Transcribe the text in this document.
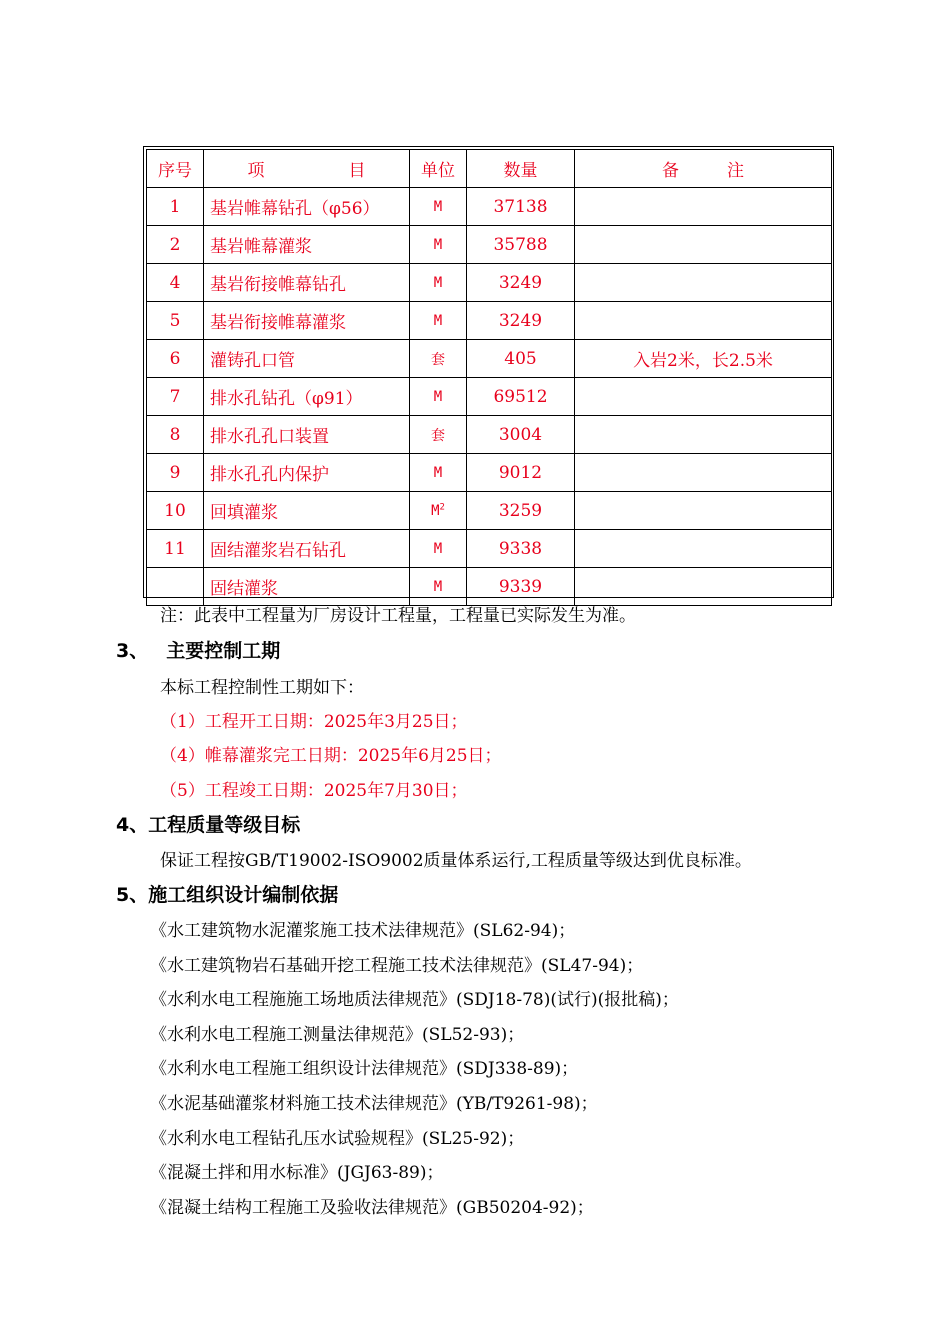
序号	项 目	单位	数量	备 注
1	基岩帷幕钻孔（φ56）	M	37138	
2	基岩帷幕灌浆	M	35788	
4	基岩衔接帷幕钻孔	M	3249	
5	基岩衔接帷幕灌浆	M	3249	
6	灌铸孔口管	套	405	入岩2米，长2.5米
7	排水孔钻孔（φ91）	M	69512	
8	排水孔孔口装置	套	3004	
9	排水孔孔内保护	M	9012	
10	回填灌浆	$M^2$	3259	
11	固结灌浆岩石钻孔	M	9338	
	固结灌浆	M	9339	
注：此表中工程量为厂房设计工程量，工程量已实际发生为准。
3、 主要控制工期
本标工程控制性工期如下：
（1）工程开工日期：2025年3月25日；
（4）帷幕灌浆完工日期：2025年6月25日；
（5）工程竣工日期：2025年7月30日；
4、工程质量等级目标
保证工程按GB/T19002-ISO9002质量体系运行,工程质量等级达到优良标准。
5、施工组织设计编制依据
《水工建筑物水泥灌浆施工技术法律规范》(SL62-94)；
《水工建筑物岩石基础开挖工程施工技术法律规范》(SL47-94)；
《水利水电工程施施工场地质法律规范》(SDJ18-78)(试行)(报批稿)；
《水利水电工程施工测量法律规范》(SL52-93)；
《水利水电工程施工组织设计法律规范》(SDJ338-89)；
《水泥基础灌浆材料施工技术法律规范》(YB/T9261-98)；
《水利水电工程钻孔压水试验规程》(SL25-92)；
《混凝土拌和用水标准》(JGJ63-89)；
《混凝土结构工程施工及验收法律规范》(GB50204-92)；
